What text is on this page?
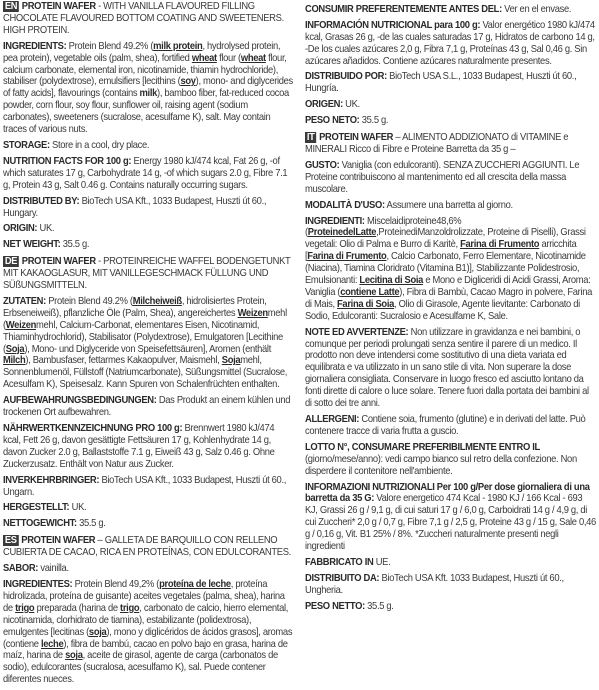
EN PROTEIN WAFER - WITH VANILLA FLAVOURED FILLING CHOCOLATE FLAVOURED BOTTOM COATING AND SWEETENERS. HIGH PROTEIN.

INGREDIENTS: Protein Blend 49.2% (milk protein, hydrolysed protein, pea protein), vegetable oils (palm, shea), fortified wheat flour (wheat flour, calcium carbonate, elemental iron, nicotinamide, thiamin hydrochloride), stabiliser (polydextrose), emulsifiers [lecithins (soy), mono- and diglycerides of fatty acids], flavourings (contains milk), bamboo fiber, fat-reduced cocoa powder, corn flour, soy flour, sunflower oil, raising agent (sodium carbonates), sweeteners (sucralose, acesulfame K), salt. May contain traces of various nuts.

STORAGE: Store in a cool, dry place.

NUTRITION FACTS FOR 100 g: Energy 1980 kJ/474 kcal, Fat 26 g, -of which saturates 17 g, Carbohydrate 14 g, -of which sugars 2.0 g, Fibre 7.1 g, Protein 43 g, Salt 0.46 g. Contains naturally occurring sugars.

DISTRIBUTED BY: BioTech USA Kft., 1033 Budapest, Huszti út 60., Hungary.

ORIGIN: UK.

NET WEIGHT: 35.5 g.

DE PROTEIN WAFER - PROTEINREICHE WAFFEL BODENGETUNKT MIT KAKAOGLASUR, MIT VANILLEGESCHMACK FÜLLUNG UND SÜßUNGSMITTELN.

ZUTATEN: Protein Blend 49.2% (Milcheiweiß, hidrolisiertes Protein, Erbseneiweiß), pflanzliche Öle (Palm, Shea), angereichertes Weizenmehl (Weizenmehl, Calcium-Carbonat, elementares Eisen, Nicotinamid, Thiaminhydrochlorid), Stabilisator (Polydextrose), Emulgatoren [Lecithine (Soja), Mono- und Diglyceride von Speisefettsäuren], Aromen (enthält Milch), Bambusfaser, fettarmes Kakaopulver, Maismehl, Sojamehl, Sonnenblumenöl, Füllstoff (Natriumcarbonate), Süßungsmittel (Sucralose, Acesulfam K), Speisesalz. Kann Spuren von Schalenfrüchten enthalten.

AUFBEWAHRUNGSBEDINGUNGEN: Das Produkt an einem kühlen und trockenen Ort aufbewahren.

NÄHRWERTKENNZEICHNUNG PRO 100 g: Brennwert 1980 kJ/474 kcal, Fett 26 g, davon gesättigte Fettsäuren 17 g, Kohlenhydrate 14 g, davon Zucker 2.0 g, Ballaststoffe 7.1 g, Eiweiß 43 g, Salz 0.46 g. Ohne Zuckerzusatz. Enthält von Natur aus Zucker.

INVERKEHRBRINGER: BioTech USA Kft., 1033 Budapest, Huszti út 60., Ungarn.

HERGESTELLT: UK.

NETTOGEWICHT: 35.5 g.

ES PROTEIN WAFER – GALLETA DE BARQUILLO CON RELLENO CUBIERTA DE CACAO, RICA EN PROTEÍNAS, CON EDULCORANTES.

SABOR: vainilla.

INGREDIENTES: Protein Blend 49,2% (proteína de leche, proteína hidrolizada, proteína de guisante) aceites vegetales (palma, shea), harina de trigo preparada (harina de trigo, carbonato de calcio, hierro elemental, nicotinamida, clorhidrato de tiamina), estabilizante (polidextrosa), emulgentes [lecitinas (soja), mono y diglicéridos de ácidos grasos], aromas (contiene leche), fibra de bambú, cacao en polvo bajo en grasa, harina de maíz, harina de soja, aceite de girasol, agente de carga (carbonatos de sodio), edulcorantes (sucralosa, acesulfamo K), sal. Puede contener diferentes nueces.

CONSUMIR PREFERENTEMENTE ANTES DEL: Ver en el envase.

INFORMACIÓN NUTRICIONAL para 100 g: Valor energético 1980 kJ/474 kcal, Grasas 26 g, -de las cuales saturadas 17 g, Hidratos de carbono 14 g, -De los cuales azúcares 2,0 g, Fibra 7,1 g, Proteínas 43 g, Sal 0,46 g. Sin azúcares añadidos. Contiene azúcares naturalmente presentes.

DISTRIBUIDO POR: BioTech USA S.L., 1033 Budapest, Huszti út 60., Hungría.

ORIGEN: UK.

PESO NETO: 35.5 g.

IT PROTEIN WAFER – ALIMENTO ADDIZIONATO di VITAMINE e MINERALI Ricco di Fibre e Proteine Barretta da 35 g –

GUSTO: Vaniglia (con edulcoranti). SENZA ZUCCHERI AGGIUNTI. Le Proteine contribuiscono al mantenimento ed all crescita della massa muscolare.

MODALITÀ D'USO: Assumere una barretta al giorno.

INGREDIENTI: Miscelaidiproteine48,6% (ProteinedelLatte,ProteinediManzoldrolizzate, Proteine di Piselli), Grassi vegetali: Olio di Palma e Burro di Karitè, Farina di Frumento arricchita [Farina di Frumento, Calcio Carbonato, Ferro Elementare, Nicotinamide (Niacina), Tiamina Cloridrato (Vitamina B1)], Stabilizzante Polidestrosio, Emulsionanti: Lecitina di Soia e Mono e Digliceridi di Acidi Grassi, Aroma: Vaniglia (contiene Latte), Fibra di Bambù, Cacao Magro in polvere, Farina di Mais, Farina di Soia, Olio di Girasole, Agente lievitante: Carbonato di Sodio, Edulcoranti: Sucralosio e Acesulfame K, Sale.

NOTE ED AVVERTENZE: Non utilizzare in gravidanza e nei bambini, o comunque per periodi prolungati senza sentire il parere di un medico. Il prodotto non deve intendersi come sostitutivo di una dieta variata ed equilibrata e va utilizzato in un sano stile di vita. Non superare la dose giornaliera consigliata. Conservare in luogo fresco ed asciutto lontano da fonti dirette di calore o luce solare. Tenere fuori dalla portata dei bambini al di sotto dei tre anni.

ALLERGENI: Contiene soia, frumento (glutine) e in derivati del latte. Può contenere tracce di varia frutta a guscio.

LOTTO N°, CONSUMARE PREFERIBILMENTE ENTRO IL (giorno/mese/anno): vedi campo bianco sul retro della confezione. Non disperdere il contenitore nell'ambiente.

INFORMAZIONI NUTRIZIONALI Per 100 g/Per dose giornaliera di una barretta da 35 G: Valore energetico 474 Kcal - 1980 KJ / 166 Kcal - 693 KJ, Grassi 26 g / 9,1 g, di cui saturi 17 g / 6,0 g, Carboidrati 14 g / 4,9 g, di cui Zuccheri* 2,0 g / 0,7 g, Fibre 7,1 g / 2,5 g, Proteine 43 g / 15 g, Sale 0,46 g / 0,16 g, Vit. B1 25% / 8%. *Zuccheri naturalmente presenti negli ingredienti

FABBRICATO IN UE.

DISTRIBUITO DA: BioTech USA Kft. 1033 Budapest, Huszti út 60., Ungheria.

PESO NETTO: 35.5 g.
